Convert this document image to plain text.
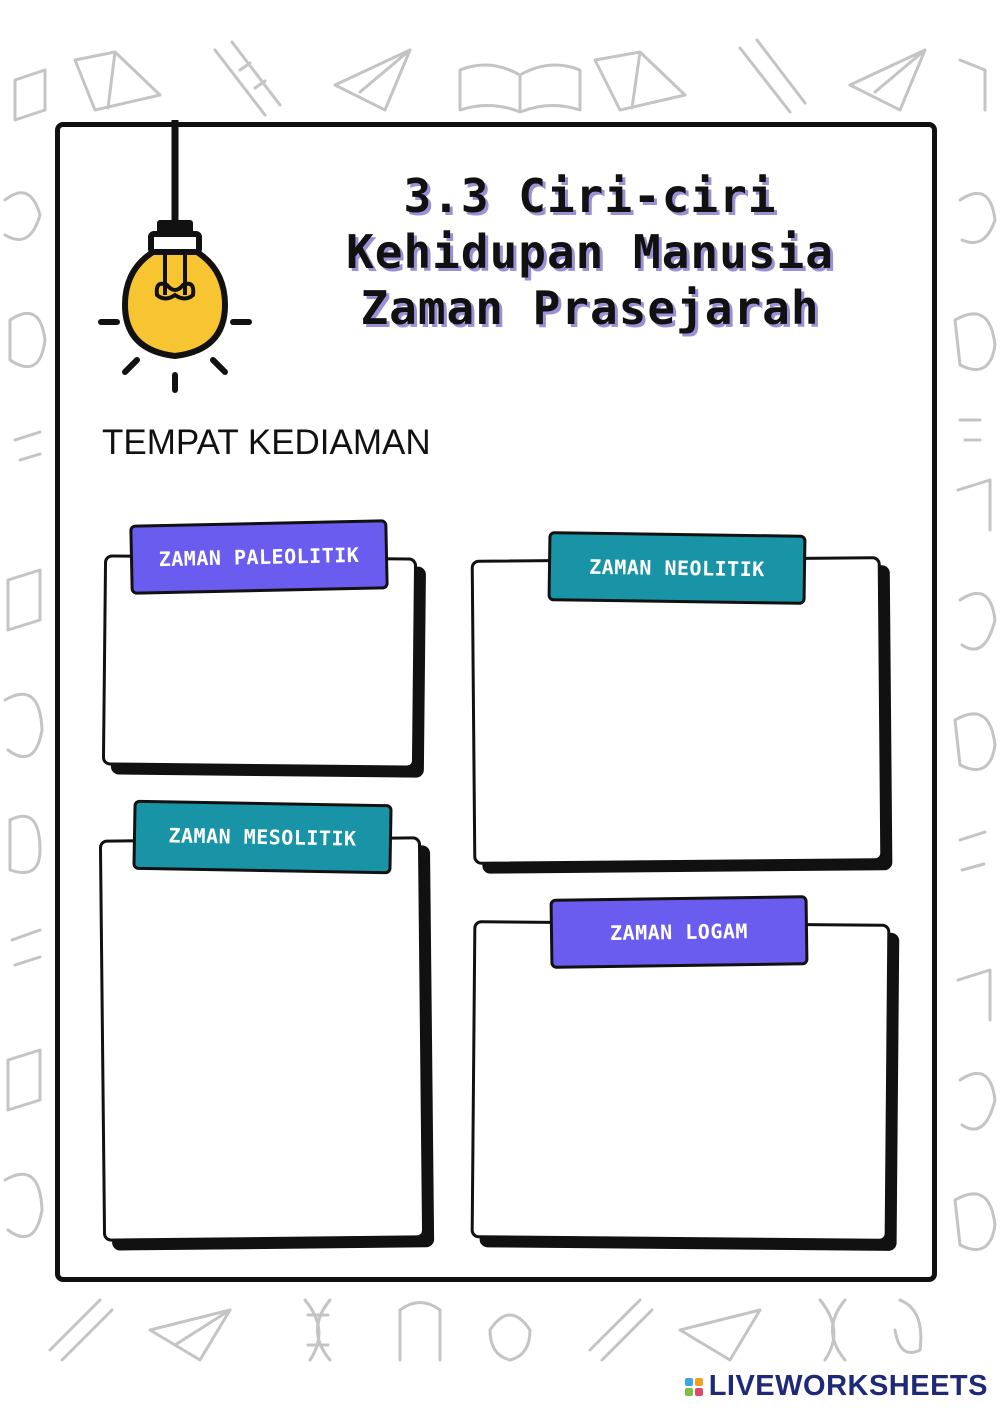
3.3 Ciri-ciri
Kehidupan Manusia
Zaman Prasejarah
TEMPAT KEDIAMAN
ZAMAN PALEOLITIK	ZAMAN NEOLITIK
ZAMAN MESOLITIK
ZAMAN LOGAM
LIVEWORKSHEETS
